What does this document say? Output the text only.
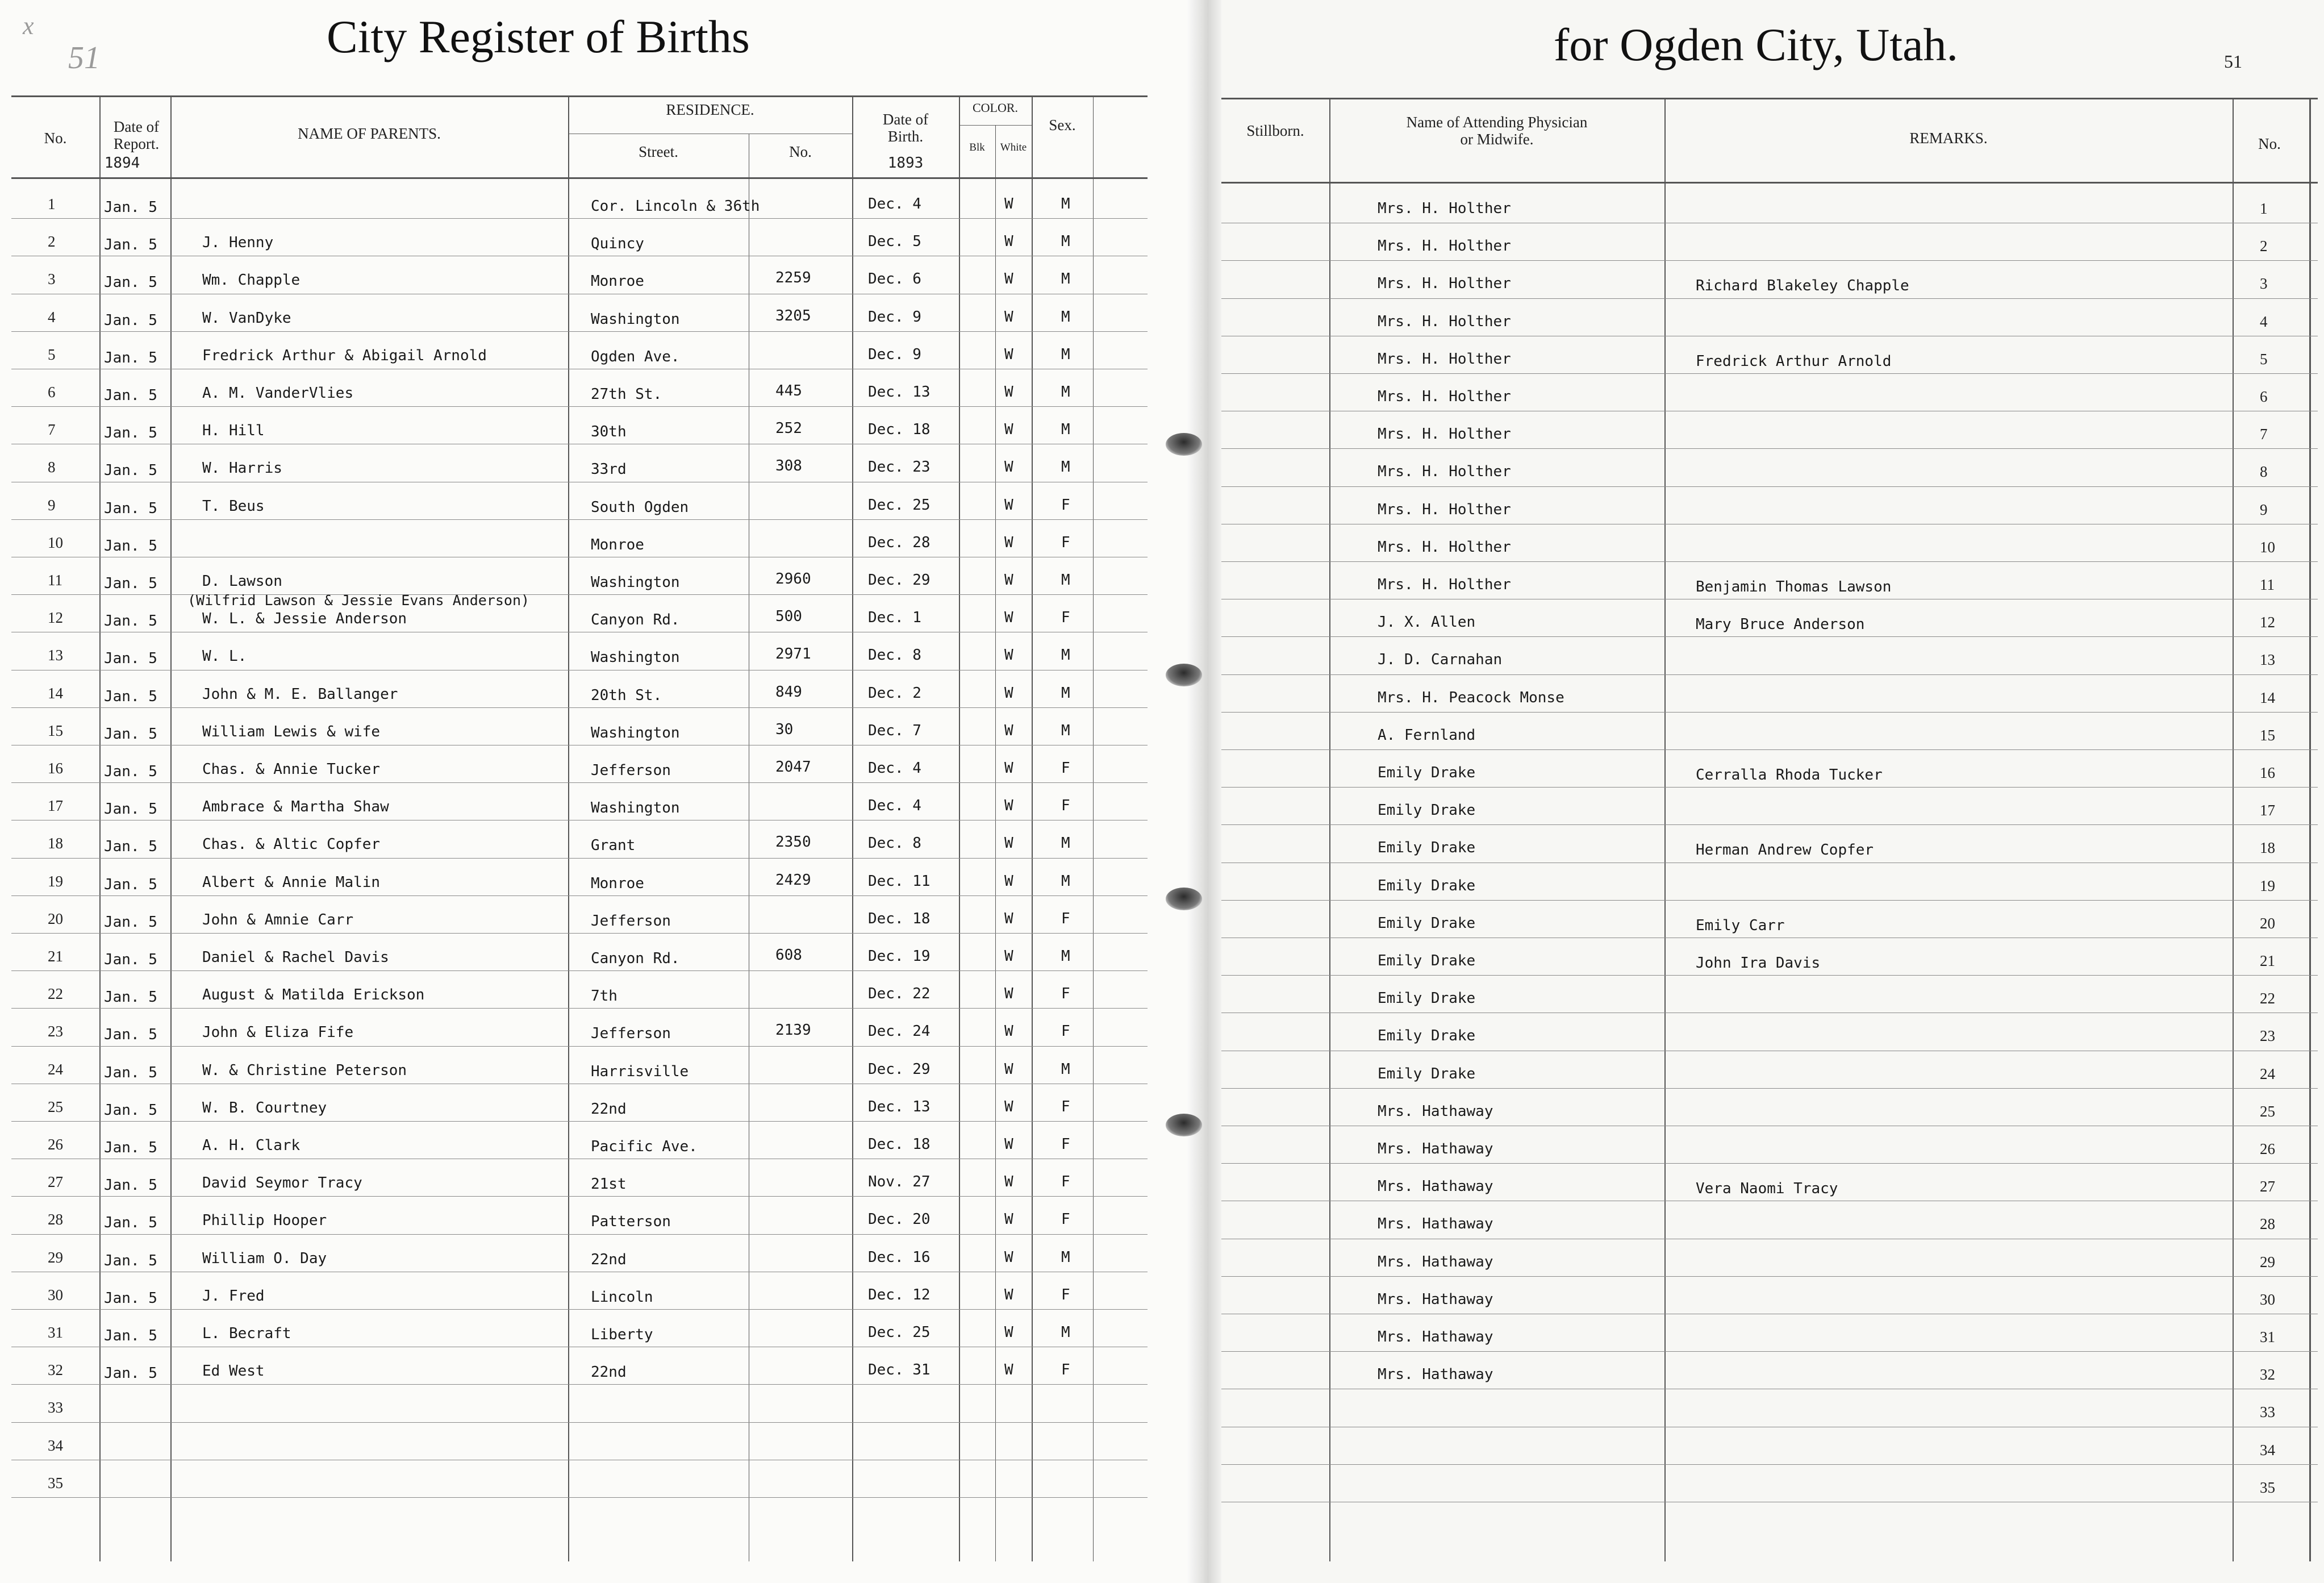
x
51	City Register of Births
No.
Date of
Report.
1894
NAME OF PARENTS.
RESIDENCE.
Street.	No.
Date of
Birth.
1893
COLOR.
Blk	White
Sex.
1	Jan. 5	Cor. Lincoln & 36th	Dec. 4	W	M
2	Jan. 5	J. Henny	Quincy	Dec. 5	W	M
3	Jan. 5	Wm. Chapple	Monroe	2259	Dec. 6	W	M
4	Jan. 5	W. VanDyke	Washington	3205	Dec. 9	W	M
5	Jan. 5	Fredrick Arthur & Abigail Arnold	Ogden Ave.	Dec. 9	W	M
6	Jan. 5	A. M. VanderVlies	27th St.	445	Dec. 13	W	M
7	Jan. 5	H. Hill	30th	252	Dec. 18	W	M
8	Jan. 5	W. Harris	33rd	308	Dec. 23	W	M
9	Jan. 5	T. Beus	South Ogden	Dec. 25	W	F
10	Jan. 5	Monroe	Dec. 28	W	F
11	Jan. 5	D. Lawson	Washington	2960	Dec. 29	W	M
12	Jan. 5	W. L. & Jessie Anderson	Canyon Rd.	500	Dec. 1	W	F
13	Jan. 5	W. L.	Washington	2971	Dec. 8	W	M
14	Jan. 5	John & M. E. Ballanger	20th St.	849	Dec. 2	W	M
15	Jan. 5	William Lewis & wife	Washington	30	Dec. 7	W	M
16	Jan. 5	Chas. & Annie Tucker	Jefferson	2047	Dec. 4	W	F
17	Jan. 5	Ambrace & Martha Shaw	Washington	Dec. 4	W	F
18	Jan. 5	Chas. & Altic Copfer	Grant	2350	Dec. 8	W	M
19	Jan. 5	Albert & Annie Malin	Monroe	2429	Dec. 11	W	M
20	Jan. 5	John & Amnie Carr	Jefferson	Dec. 18	W	F
21	Jan. 5	Daniel & Rachel Davis	Canyon Rd.	608	Dec. 19	W	M
22	Jan. 5	August & Matilda Erickson	7th	Dec. 22	W	F
23	Jan. 5	John & Eliza Fife	Jefferson	2139	Dec. 24	W	F
24	Jan. 5	W. & Christine Peterson	Harrisville	Dec. 29	W	M
25	Jan. 5	W. B. Courtney	22nd	Dec. 13	W	F
26	Jan. 5	A. H. Clark	Pacific Ave.	Dec. 18	W	F
27	Jan. 5	David Seymor Tracy	21st	Nov. 27	W	F
28	Jan. 5	Phillip Hooper	Patterson	Dec. 20	W	F
29	Jan. 5	William O. Day	22nd	Dec. 16	W	M
30	Jan. 5	J. Fred	Lincoln	Dec. 12	W	F
31	Jan. 5	L. Becraft	Liberty	Dec. 25	W	M
32	Jan. 5	Ed West	22nd	Dec. 31	W	F
33
34
35
(Wilfrid Lawson & Jessie Evans Anderson)
for Ogden City, Utah.	51
Stillborn.	Name of Attending Physician
or Midwife.	REMARKS.	No.
Mrs. H. Holther	1
Mrs. H. Holther	2
Mrs. H. Holther	Richard Blakeley Chapple	3
Mrs. H. Holther	4
Mrs. H. Holther	Fredrick Arthur Arnold	5
Mrs. H. Holther	6
Mrs. H. Holther	7
Mrs. H. Holther	8
Mrs. H. Holther	9
Mrs. H. Holther	10
Mrs. H. Holther	Benjamin Thomas Lawson	11
J. X. Allen	Mary Bruce Anderson	12
J. D. Carnahan	13
Mrs. H. Peacock Monse	14
A. Fernland	15
Emily Drake	Cerralla Rhoda Tucker	16
Emily Drake	17
Emily Drake	Herman Andrew Copfer	18
Emily Drake	19
Emily Drake	Emily Carr	20
Emily Drake	John Ira Davis	21
Emily Drake	22
Emily Drake	23
Emily Drake	24
Mrs. Hathaway	25
Mrs. Hathaway	26
Mrs. Hathaway	Vera Naomi Tracy	27
Mrs. Hathaway	28
Mrs. Hathaway	29
Mrs. Hathaway	30
Mrs. Hathaway	31
Mrs. Hathaway	32
33
34
35
